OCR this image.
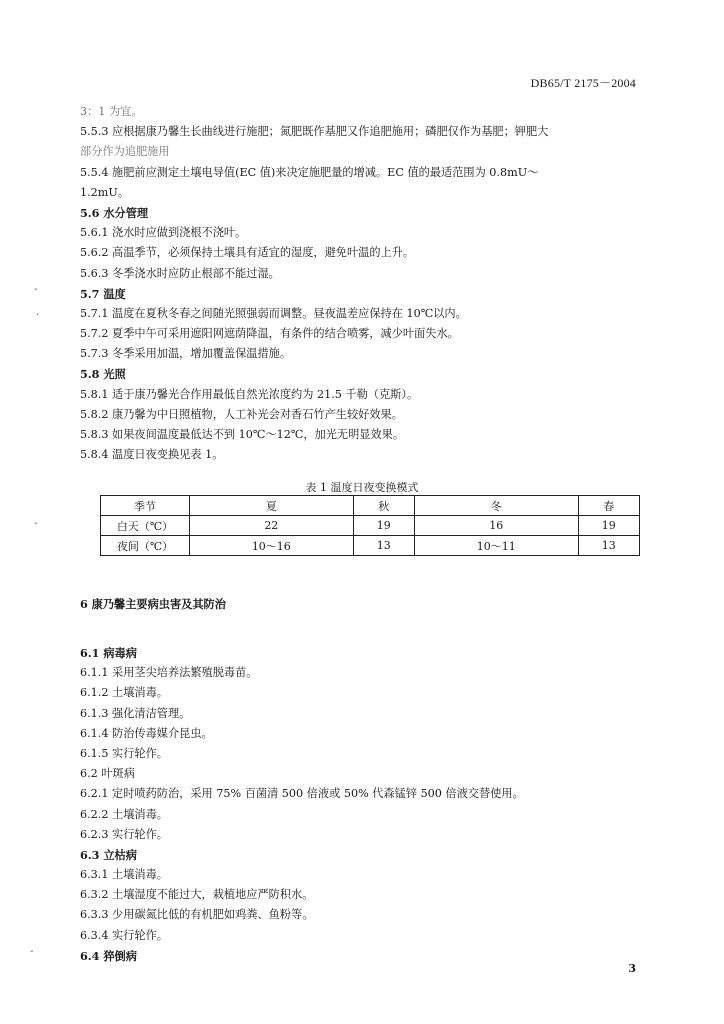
DB65/T 2175－2004
3：1 为宜。
5.5.3 应根据康乃馨生长曲线进行施肥；氮肥既作基肥又作追肥施用；磷肥仅作为基肥；钾肥大
部分作为追肥施用
5.5.4 施肥前应测定土壤电导值(EC 值)来决定施肥量的增减。EC 值的最适范围为 0.8mU～
1.2mU。
5.6 水分管理
5.6.1 浇水时应做到浇根不浇叶。
5.6.2 高温季节，必须保持土壤具有适宜的湿度，避免叶温的上升。
5.6.3 冬季浇水时应防止根部不能过湿。
5.7 温度
5.7.1 温度在夏秋冬春之间随光照强弱而调整。昼夜温差应保持在 10℃以内。
5.7.2 夏季中午可采用遮阳网遮荫降温，有条件的结合喷雾，减少叶面失水。
5.7.3 冬季采用加温，增加覆盖保温措施。
5.8 光照
5.8.1 适于康乃馨光合作用最低自然光浓度约为 21.5 千勒（克斯）。
5.8.2 康乃馨为中日照植物，人工补光会对香石竹产生较好效果。
5.8.3 如果夜间温度最低达不到 10℃～12℃，加光无明显效果。
5.8.4 温度日夜变换见表 1。
表 1 温度日夜变换模式
季节	夏	秋	冬	春
白天（℃）	22	19	16	19
夜间（℃）	10～16	13	10～11	13
6 康乃馨主要病虫害及其防治
6.1 病毒病
6.1.1 采用茎尖培养法繁殖脱毒苗。
6.1.2 土壤消毒。
6.1.3 强化清洁管理。
6.1.4 防治传毒媒介昆虫。
6.1.5 实行轮作。
6.2 叶斑病
6.2.1 定时喷药防治，采用 75% 百菌清 500 倍液或 50% 代森锰锌 500 倍液交替使用。
6.2.2 土壤消毒。
6.2.3 实行轮作。
6.3 立枯病
6.3.1 土壤消毒。
6.3.2 土壤湿度不能过大，栽植地应严防积水。
6.3.3 少用碳氮比低的有机肥如鸡粪、鱼粉等。
6.3.4 实行轮作。
6.4 猝倒病
3
-
·
-
-
